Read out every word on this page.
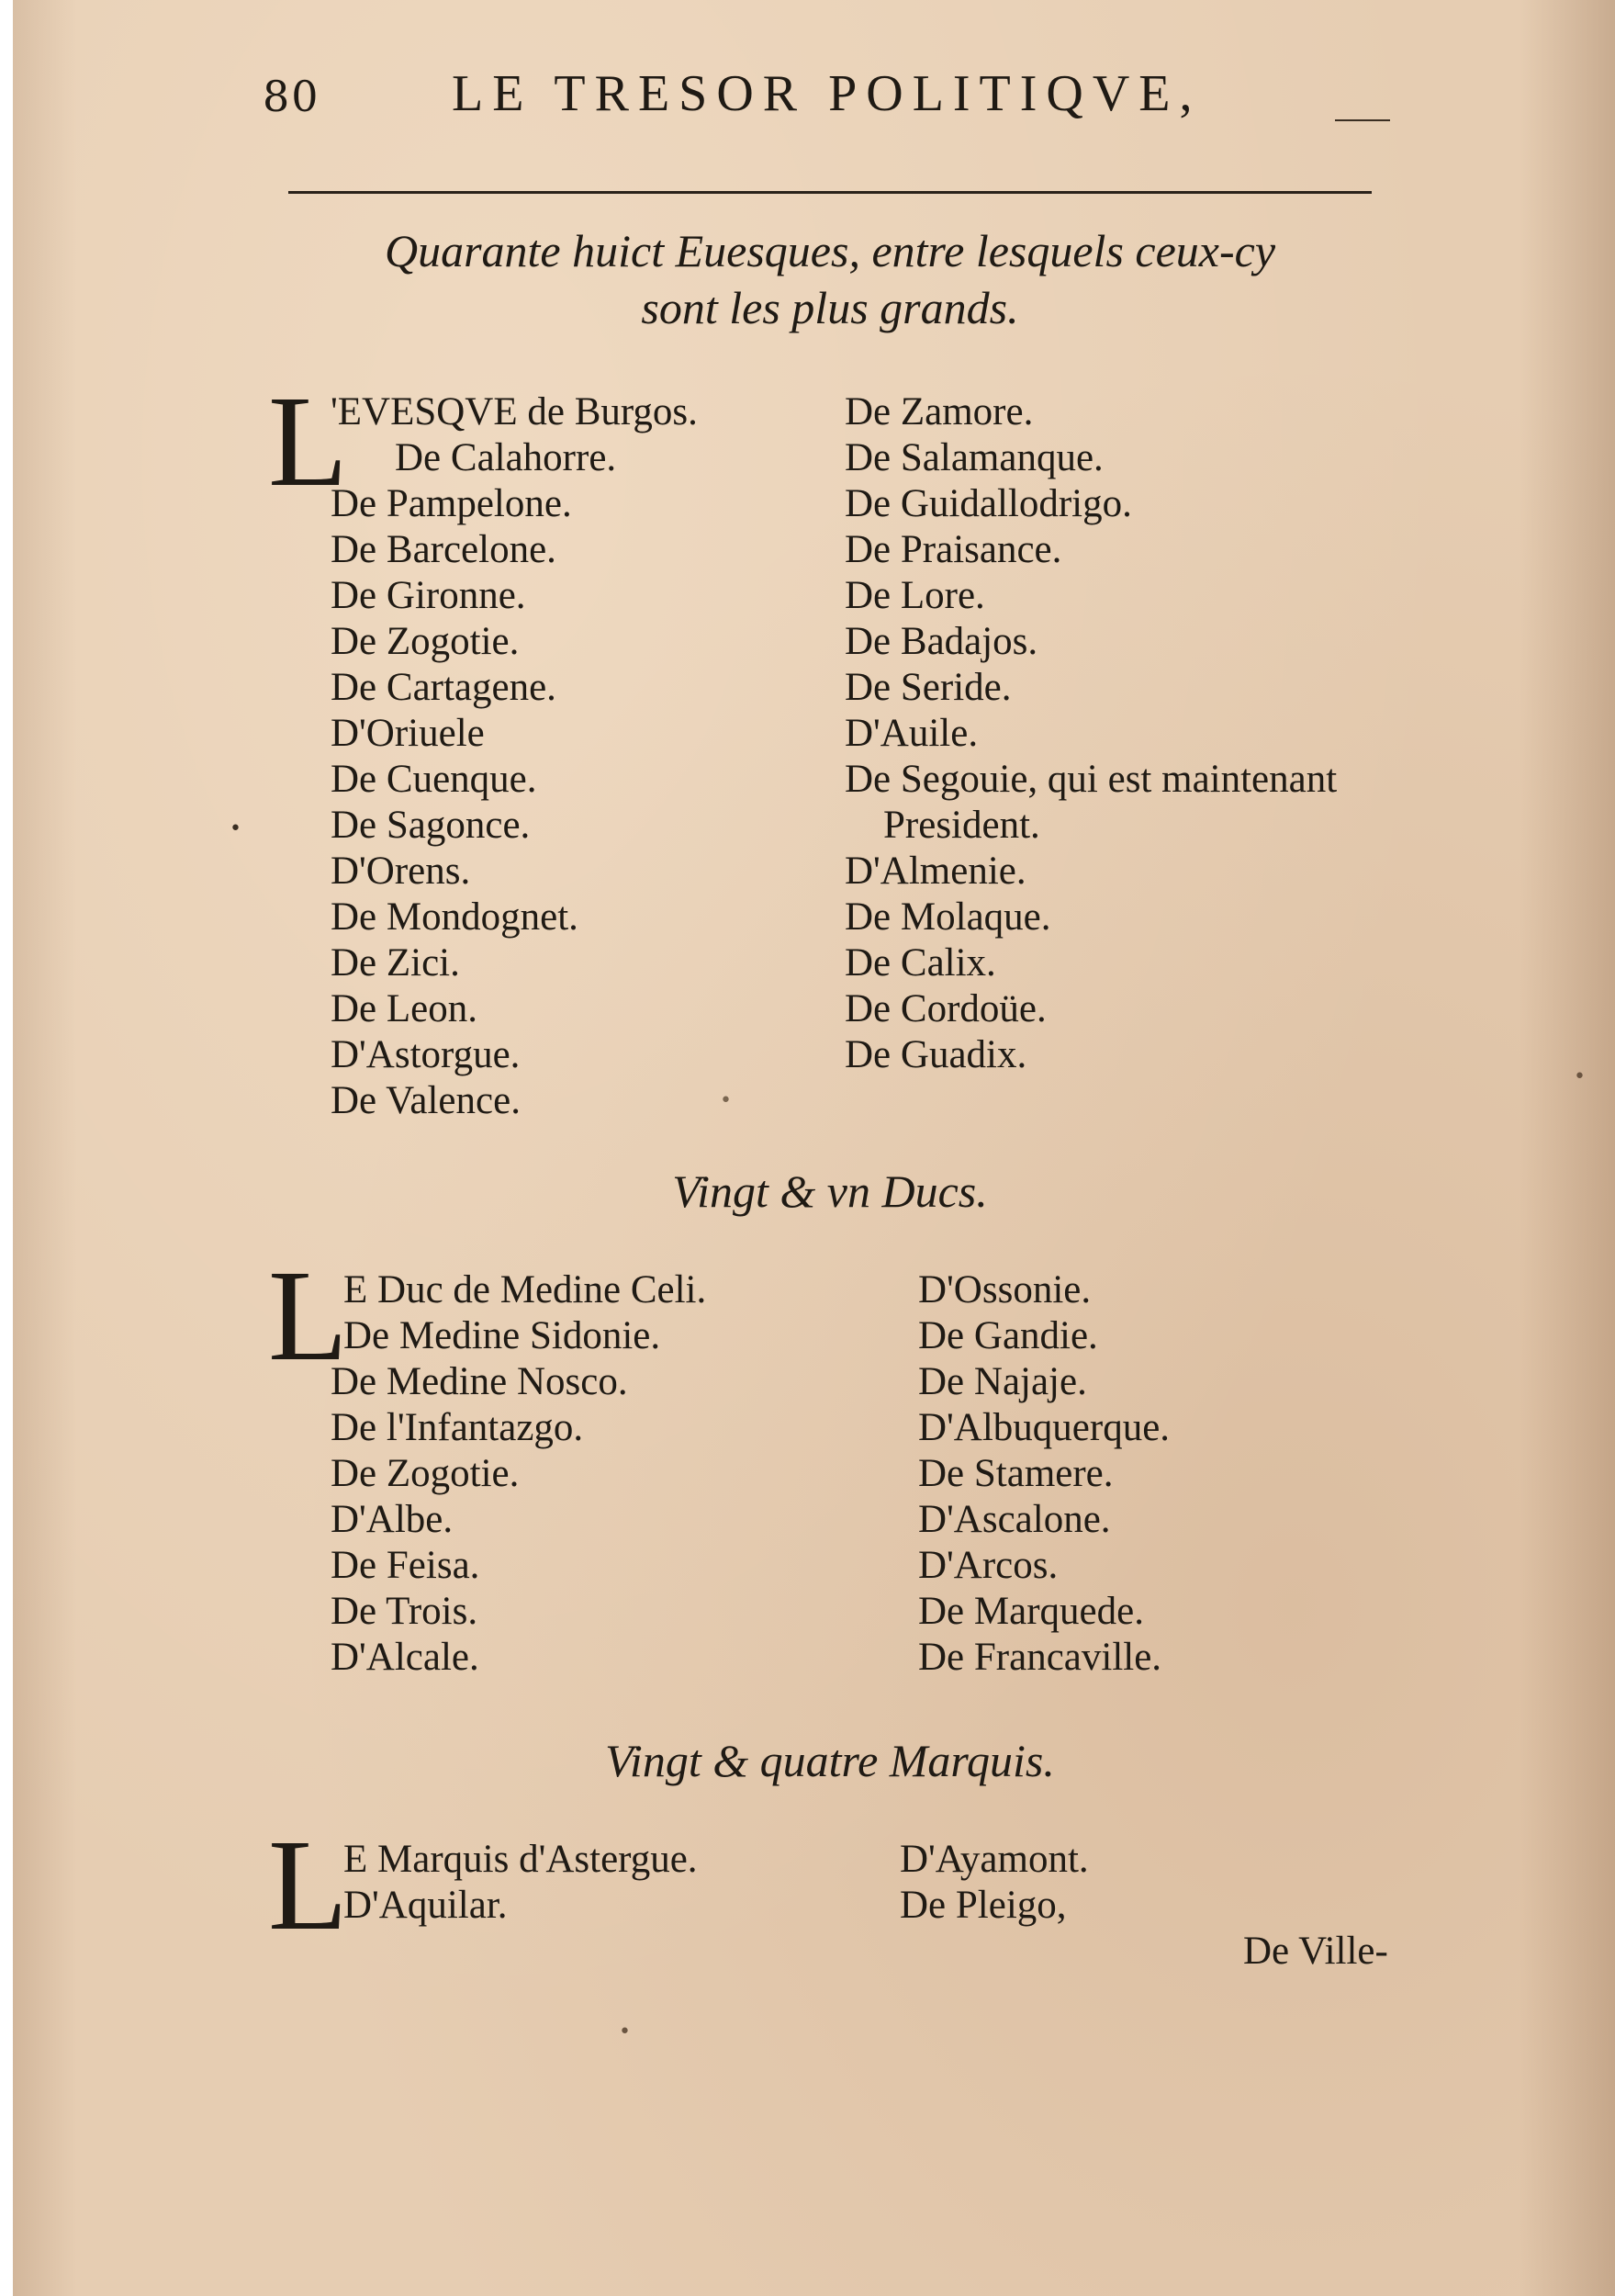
80	LE TRESOR POLITIQVE,
Quarante huict Euesques, entre lesquels ceux-cy
sont les plus grands.
L
'EVESQVE de Burgos.
De Calahorre.
De Pampelone.
De Barcelone.
De Gironne.
De Zogotie.
De Cartagene.
D'Oriuele
De Cuenque.
De Sagonce.
D'Orens.
De Mondognet.
De Zici.
De Leon.
D'Astorgue.
De Valence.
De Zamore.
De Salamanque.
De Guidallodrigo.
De Praisance.
De Lore.
De Badajos.
De Seride.
D'Auile.
De Segouie, qui est maintenant
President.
D'Almenie.
De Molaque.
De Calix.
De Cordoüe.
De Guadix.
Vingt & vn Ducs.
L
E Duc de Medine Celi.
De Medine Sidonie.
De Medine Nosco.
De l'Infantazgo.
De Zogotie.
D'Albe.
De Feisa.
De Trois.
D'Alcale.
D'Ossonie.
De Gandie.
De Najaje.
D'Albuquerque.
De Stamere.
D'Ascalone.
D'Arcos.
De Marquede.
De Francaville.
Vingt & quatre Marquis.
L
E Marquis d'Astergue.
D'Aquilar.
D'Ayamont.
De Pleigo,
De Ville-
•
•
•
•
